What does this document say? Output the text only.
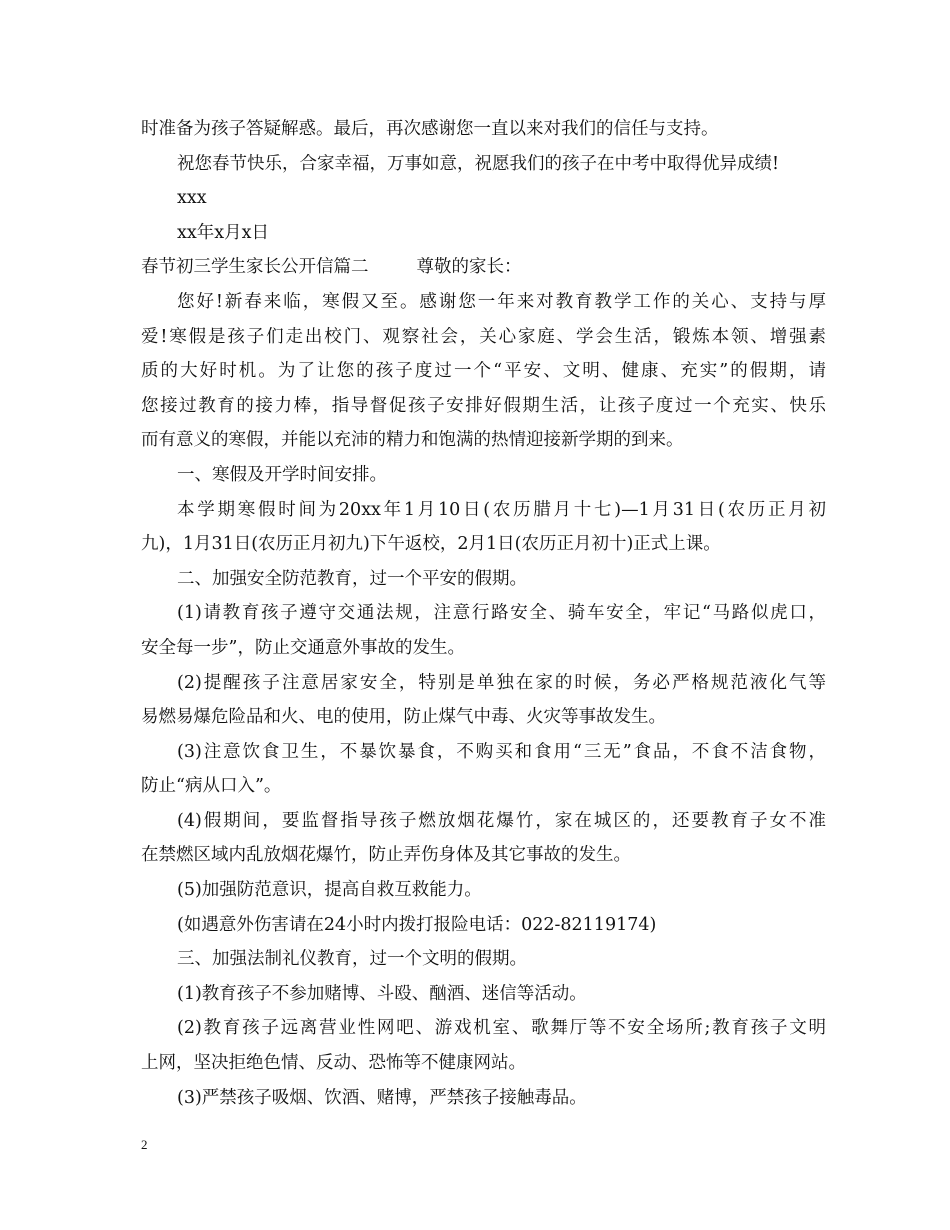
时准备为孩子答疑解惑。最后，再次感谢您一直以来对我们的信任与支持。
祝您春节快乐，合家幸福，万事如意，祝愿我们的孩子在中考中取得优异成绩!
xxx
xx年x月x日
春节初三学生家长公开信篇二	尊敬的家长：
您好!新春来临，寒假又至。感谢您一年来对教育教学工作的关心、支持与厚
爱!寒假是孩子们走出校门、观察社会，关心家庭、学会生活，锻炼本领、增强素
质的大好时机。为了让您的孩子度过一个“平安、文明、健康、充实”的假期，请
您接过教育的接力棒，指导督促孩子安排好假期生活，让孩子度过一个充实、快乐
而有意义的寒假，并能以充沛的精力和饱满的热情迎接新学期的到来。
一、寒假及开学时间安排。
本学期寒假时间为20xx年1月10日(农历腊月十七)—1月31日(农历正月初
九)，1月31日(农历正月初九)下午返校，2月1日(农历正月初十)正式上课。
二、加强安全防范教育，过一个平安的假期。
(1)请教育孩子遵守交通法规，注意行路安全、骑车安全，牢记“马路似虎口，
安全每一步”，防止交通意外事故的发生。
(2)提醒孩子注意居家安全，特别是单独在家的时候，务必严格规范液化气等
易燃易爆危险品和火、电的使用，防止煤气中毒、火灾等事故发生。
(3)注意饮食卫生，不暴饮暴食，不购买和食用“三无”食品，不食不洁食物，
防止“病从口入”。
(4)假期间，要监督指导孩子燃放烟花爆竹，家在城区的，还要教育子女不准
在禁燃区域内乱放烟花爆竹，防止弄伤身体及其它事故的发生。
(5)加强防范意识，提高自救互救能力。
(如遇意外伤害请在24小时内拨打报险电话：022-82119174)
三、加强法制礼仪教育，过一个文明的假期。
(1)教育孩子不参加赌博、斗殴、酗酒、迷信等活动。
(2)教育孩子远离营业性网吧、游戏机室、歌舞厅等不安全场所;教育孩子文明
上网，坚决拒绝色情、反动、恐怖等不健康网站。
(3)严禁孩子吸烟、饮酒、赌博，严禁孩子接触毒品。
2
